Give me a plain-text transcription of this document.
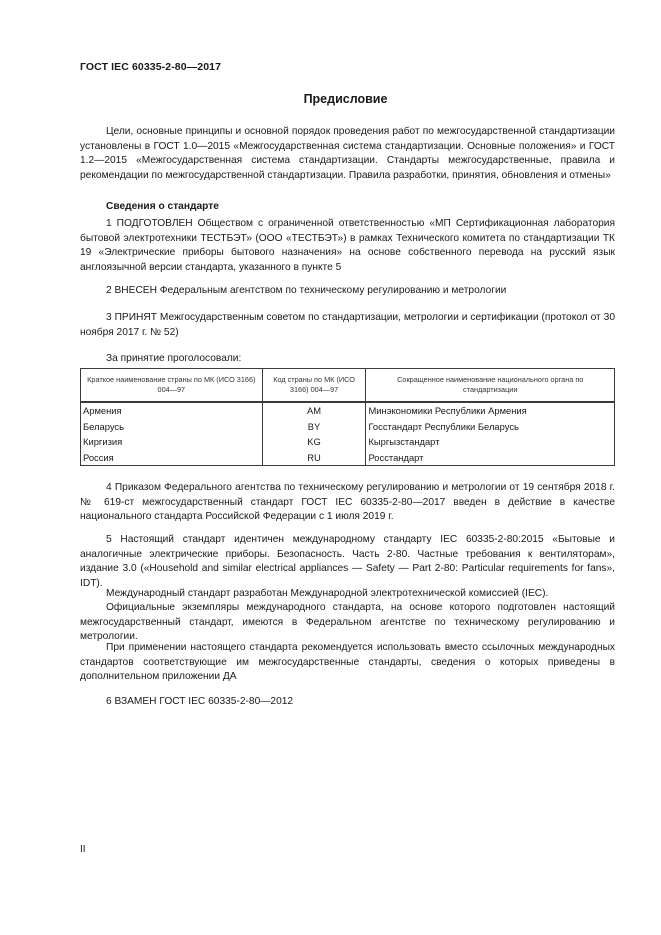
ГОСТ IEC 60335-2-80—2017
Предисловие
Цели, основные принципы и основной порядок проведения работ по межгосударственной стандартизации установлены в ГОСТ 1.0—2015 «Межгосударственная система стандартизации. Основные положения» и ГОСТ 1.2—2015 «Межгосударственная система стандартизации. Стандарты межгосударственные, правила и рекомендации по межгосударственной стандартизации. Правила разработки, принятия, обновления и отмены»
Сведения о стандарте
1 ПОДГОТОВЛЕН Обществом с ограниченной ответственностью «МП Сертификационная лаборатория бытовой электротехники ТЕСТБЭТ» (ООО «ТЕСТБЭТ») в рамках Технического комитета по стандартизации ТК 19 «Электрические приборы бытового назначения» на основе собственного перевода на русский язык англоязычной версии стандарта, указанного в пункте 5
2 ВНЕСЕН Федеральным агентством по техническому регулированию и метрологии
3 ПРИНЯТ Межгосударственным советом по стандартизации, метрологии и сертификации (протокол от 30 ноября 2017 г. № 52)
За принятие проголосовали:
Краткое наименование страны по МК (ИСО 3166) 004—97	Код страны по МК (ИСО 3166) 004—97	Сокращенное наименование национального органа по стандартизации
Армения	AM	Минэкономики Республики Армения
Беларусь	BY	Госстандарт Республики Беларусь
Киргизия	KG	Кыргызстандарт
Россия	RU	Росстандарт
4 Приказом Федерального агентства по техническому регулированию и метрологии от 19 сентября 2018 г. № 619-ст межгосударственный стандарт ГОСТ IEC 60335-2-80—2017 введен в действие в качестве национального стандарта Российской Федерации с 1 июля 2019 г.
5 Настоящий стандарт идентичен международному стандарту IEC 60335-2-80:2015 «Бытовые и аналогичные электрические приборы. Безопасность. Часть 2-80. Частные требования к вентиляторам», издание 3.0 («Household and similar electrical appliances — Safety — Part 2-80: Particular requirements for fans», IDT).
Международный стандарт разработан Международной электротехнической комиссией (IEC).
Официальные экземпляры международного стандарта, на основе которого подготовлен настоящий межгосударственный стандарт, имеются в Федеральном агентстве по техническому регулированию и метрологии.
При применении настоящего стандарта рекомендуется использовать вместо ссылочных международных стандартов соответствующие им межгосударственные стандарты, сведения о которых приведены в дополнительном приложении ДА
6 ВЗАМЕН ГОСТ IEC 60335-2-80—2012
II
